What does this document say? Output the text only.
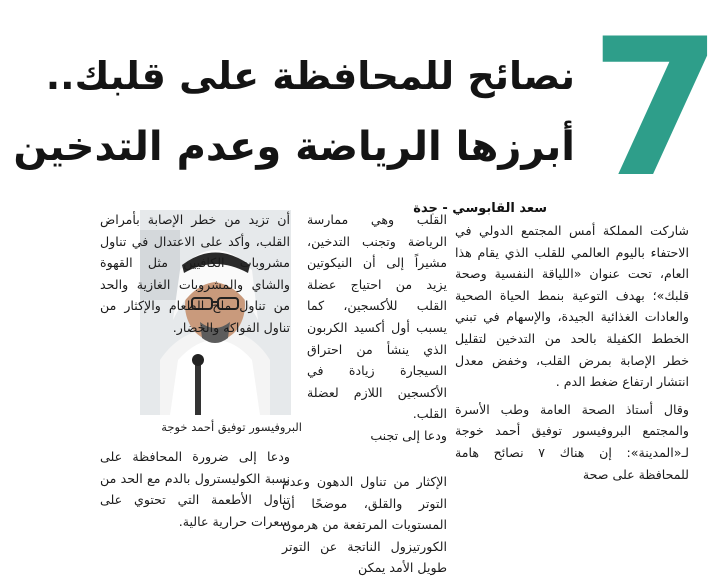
7
نصائح للمحافظة على قلبك..
أبرزها الرياضة وعدم التدخين
سعد القابوسي - جدة

شاركت المملكة أمس المجتمع الدولي في الاحتفاء باليوم العالمي للقلب الذي يقام هذا العام، تحت عنوان «اللياقة النفسية وصحة قلبك»؛ بهدف التوعية بنمط الحياة الصحية والعادات الغذائية الجيدة، والإسهام في تبني الخطط الكفيلة بالحد من التدخين لتقليل خطر الإصابة بمرض القلب، وخفض معدل انتشار ارتفاع ضغط الدم .

وقال أستاذ الصحة العامة وطب الأسرة والمجتمع البروفيسور توفيق أحمد خوجة لـ«المدينة»: إن هناك ٧ نصائح هامة للمحافظة على صحة

القلب وهي ممارسة الرياضة وتجنب التدخين، مشيراً إلى أن النيكوتين يزيد من احتياج عضلة القلب للأكسجين، كما يسبب أول أكسيد الكربون الذي ينشأ من احتراق السيجارة زيادة في الأكسجين اللازم لعضلة القلب.

ودعا إلى تجنب

الإكثار من تناول الدهون وعدم التوتر والقلق، موضحًا أن المستويات المرتفعة من هرمون الكورتيزول الناتجة عن التوتر طويل الأمد يمكن
البروفيسور توفيق أحمد خوجة

أن تزيد من خطر الإصابة بأمراض القلب، وأكد على الاعتدال في تناول مشروبات الكافيين مثل القهوة والشاي والمشروبات الغازية والحد من تناول ملح الطعام والإكثار من تناول الفواكه والخضار.

ودعا إلى ضرورة المحافظة على نسبة الكوليسترول بالدم مع الحد من تناول الأطعمة التي تحتوي على سعرات حرارية عالية.
